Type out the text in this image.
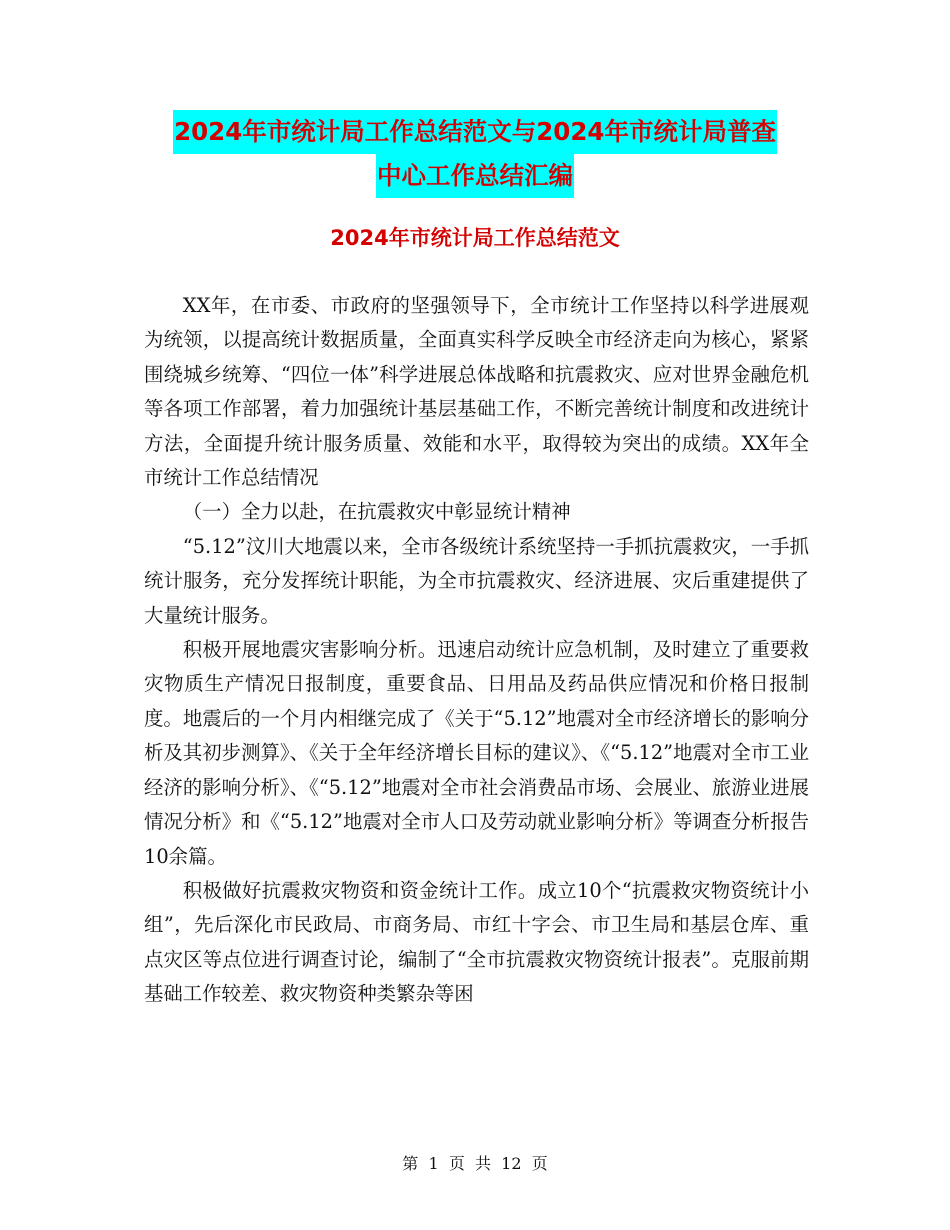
2024年市统计局工作总结范文与2024年市统计局普查
中心工作总结汇编
2024年市统计局工作总结范文

XX年，在市委、市政府的坚强领导下，全市统计工作坚持以科学进展观为统领，以提高统计数据质量，全面真实科学反映全市经济走向为核心，紧紧围绕城乡统筹、“四位一体”科学进展总体战略和抗震救灾、应对世界金融危机等各项工作部署，着力加强统计基层基础工作，不断完善统计制度和改进统计方法，全面提升统计服务质量、效能和水平，取得较为突出的成绩。XX年全市统计工作总结情况

（一）全力以赴，在抗震救灾中彰显统计精神

“5.12”汶川大地震以来，全市各级统计系统坚持一手抓抗震救灾，一手抓统计服务，充分发挥统计职能，为全市抗震救灾、经济进展、灾后重建提供了大量统计服务。

积极开展地震灾害影响分析。迅速启动统计应急机制，及时建立了重要救灾物质生产情况日报制度，重要食品、日用品及药品供应情况和价格日报制度。地震后的一个月内相继完成了《关于“5.12”地震对全市经济增长的影响分析及其初步测算》、《关于全年经济增长目标的建议》、《“5.12”地震对全市工业经济的影响分析》、《“5.12”地震对全市社会消费品市场、会展业、旅游业进展情况分析》和《“5.12”地震对全市人口及劳动就业影响分析》等调查分析报告10余篇。

积极做好抗震救灾物资和资金统计工作。成立10个“抗震救灾物资统计小组”，先后深化市民政局、市商务局、市红十字会、市卫生局和基层仓库、重点灾区等点位进行调查讨论，编制了“全市抗震救灾物资统计报表”。克服前期基础工作较差、救灾物资种类繁杂等困

第  1  页  共  12  页
